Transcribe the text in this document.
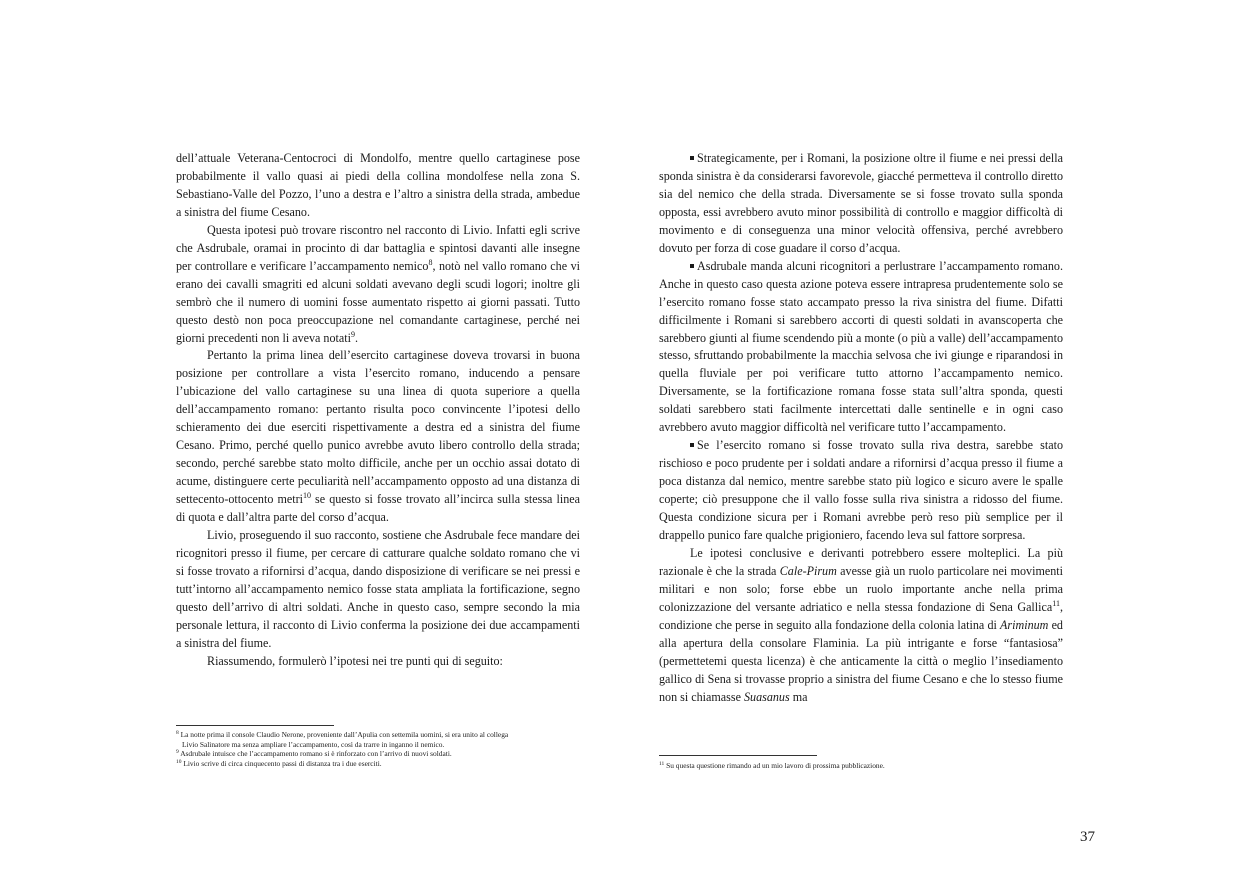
dell’attuale Veterana-Centocroci di Mondolfo, mentre quello cartaginese pose probabilmente il vallo quasi ai piedi della collina mondolfese nella zona S. Sebastiano-Valle del Pozzo, l’uno a destra e l’altro a sinistra della strada, ambedue a sinistra del fiume Cesano.

Questa ipotesi può trovare riscontro nel racconto di Livio. Infatti egli scrive che Asdrubale, oramai in procinto di dar battaglia e spintosi davanti alle insegne per controllare e verificare l’accampamento nemico$^8$, notò nel vallo romano che vi erano dei cavalli smagriti ed alcuni soldati avevano degli scudi logori; inoltre gli sembrò che il numero di uomini fosse aumentato rispetto ai giorni passati. Tutto questo destò non poca preoccupazione nel comandante cartaginese, perché nei giorni precedenti non li aveva notati$^9$.

Pertanto la prima linea dell’esercito cartaginese doveva trovarsi in buona posizione per controllare a vista l’esercito romano, inducendo a pensare l’ubicazione del vallo cartaginese su una linea di quota superiore a quella dell’accampamento romano: pertanto risulta poco convincente l’ipotesi dello schieramento dei due eserciti rispettivamente a destra ed a sinistra del fiume Cesano. Primo, perché quello punico avrebbe avuto libero controllo della strada; secondo, perché sarebbe stato molto difficile, anche per un occhio assai dotato di acume, distinguere certe peculiarità nell’accampamento opposto ad una distanza di settecento-ottocento metri$^{10}$ se questo si fosse trovato all’incirca sulla stessa linea di quota e dall’altra parte del corso d’acqua.

Livio, proseguendo il suo racconto, sostiene che Asdrubale fece mandare dei ricognitori presso il fiume, per cercare di catturare qualche soldato romano che vi si fosse trovato a rifornirsi d’acqua, dando disposizione di verificare se nei pressi e tutt’intorno all’accampamento nemico fosse stata ampliata la fortificazione, segno questo dell’arrivo di altri soldati. Anche in questo caso, sempre secondo la mia personale lettura, il racconto di Livio conferma la posizione dei due accampamenti a sinistra del fiume.

Riassumendo, formulerò l’ipotesi nei tre punti qui di seguito:

$^8$ La notte prima il console Claudio Nerone, proveniente dall’Apulia con settemila uomini, si era unito al collega
Livio Salinatore ma senza ampliare l’accampamento, così da trarre in inganno il nemico.

$^9$ Asdrubale intuisce che l’accampamento romano si è rinforzato con l’arrivo di nuovi soldati.

$^{10}$ Livio scrive di circa cinquecento passi di distanza tra i due eserciti.

Strategicamente, per i Romani, la posizione oltre il fiume e nei pressi della sponda sinistra è da considerarsi favorevole, giacché permetteva il controllo diretto sia del nemico che della strada. Diversamente se si fosse trovato sulla sponda opposta, essi avrebbero avuto minor possibilità di controllo e maggior difficoltà di movimento e di conseguenza una minor velocità offensiva, perché avrebbero dovuto per forza di cose guadare il corso d’acqua.

Asdrubale manda alcuni ricognitori a perlustrare l’accampamento romano. Anche in questo caso questa azione poteva essere intrapresa prudentemente solo se l’esercito romano fosse stato accampato presso la riva sinistra del fiume. Difatti difficilmente i Romani si sarebbero accorti di questi soldati in avanscoperta che sarebbero giunti al fiume scendendo più a monte (o più a valle) dell’accampamento stesso, sfruttando probabilmente la macchia selvosa che ivi giunge e riparandosi in quella fluviale per poi verificare tutto attorno l’accampamento nemico. Diversamente, se la fortificazione romana fosse stata sull’altra sponda, questi soldati sarebbero stati facilmente intercettati dalle sentinelle e in ogni caso avrebbero avuto maggior difficoltà nel verificare tutto l’accampamento.

Se l’esercito romano si fosse trovato sulla riva destra, sarebbe stato rischioso e poco prudente per i soldati andare a rifornirsi d’acqua presso il fiume a poca distanza dal nemico, mentre sarebbe stato più logico e sicuro avere le spalle coperte; ciò presuppone che il vallo fosse sulla riva sinistra a ridosso del fiume. Questa condizione sicura per i Romani avrebbe però reso più semplice per il drappello punico fare qualche prigioniero, facendo leva sul fattore sorpresa.

Le ipotesi conclusive e derivanti potrebbero essere molteplici. La più razionale è che la strada Cale-Pirum avesse già un ruolo particolare nei movimenti militari e non solo; forse ebbe un ruolo importante anche nella prima colonizzazione del versante adriatico e nella stessa fondazione di Sena Gallica$^{11}$, condizione che perse in seguito alla fondazione della colonia latina di Ariminum ed alla apertura della consolare Flaminia. La più intrigante e forse “fantasiosa” (permettetemi questa licenza) è che anticamente la città o meglio l’insediamento gallico di Sena si trovasse proprio a sinistra del fiume Cesano e che lo stesso fiume non si chiamasse Suasanus ma

$^{11}$ Su questa questione rimando ad un mio lavoro di prossima pubblicazione.

37
